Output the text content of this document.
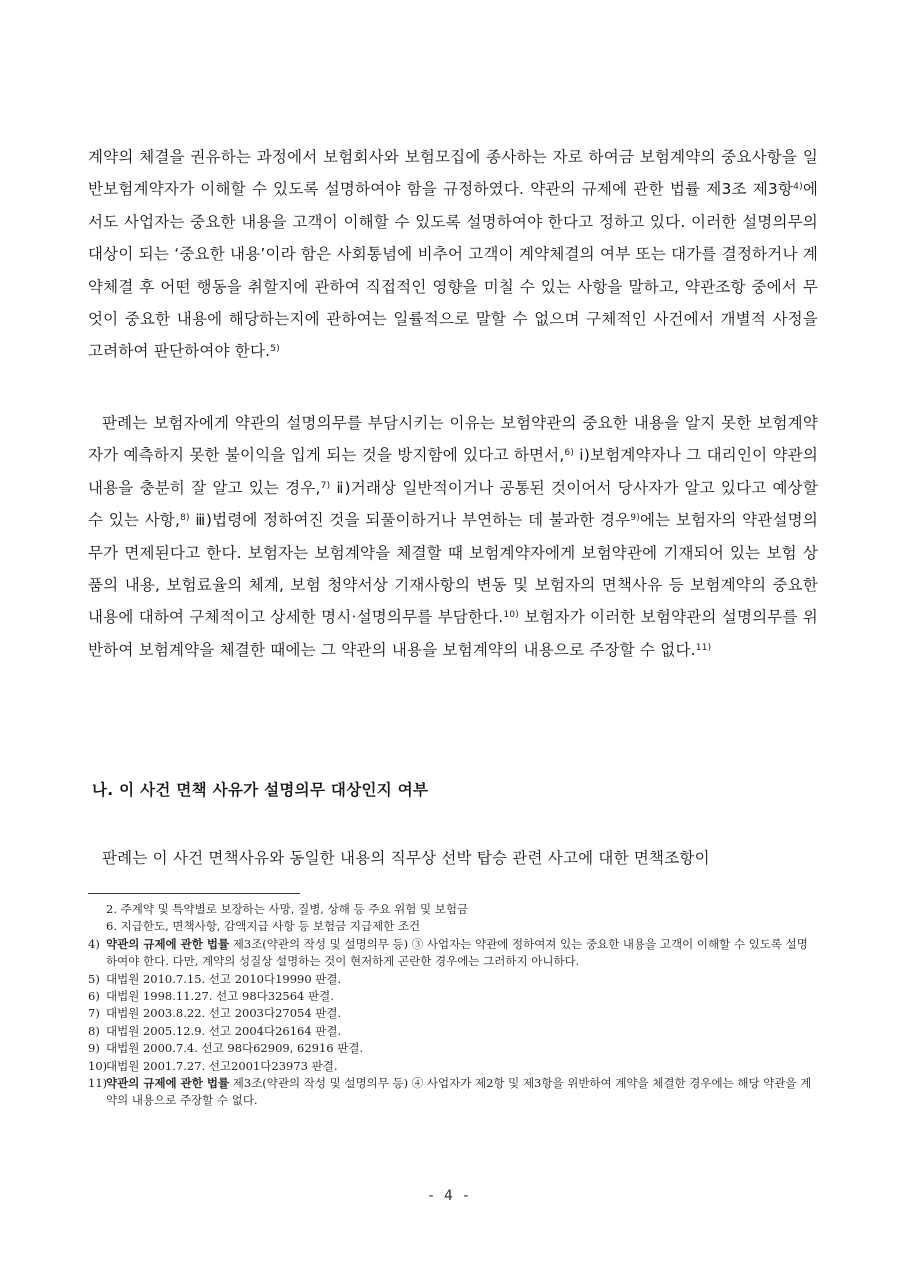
계약의 체결을 권유하는 과정에서 보험회사와 보험모집에 종사하는 자로 하여금 보험계약의 중요사항을 일반보험계약자가 이해할 수 있도록 설명하여야 함을 규정하였다. 약관의 규제에 관한 법률 제3조 제3항$^{4)}$에서도 사업자는 중요한 내용을 고객이 이해할 수 있도록 설명하여야 한다고 정하고 있다. 이러한 설명의무의 대상이 되는 ‘중요한 내용’이라 함은 사회통념에 비추어 고객이 계약체결의 여부 또는 대가를 결정하거나 계약체결 후 어떤 행동을 취할지에 관하여 직접적인 영향을 미칠 수 있는 사항을 말하고, 약관조항 중에서 무엇이 중요한 내용에 해당하는지에 관하여는 일률적으로 말할 수 없으며 구체적인 사건에서 개별적 사정을 고려하여 판단하여야 한다.$^{5)}$

판례는 보험자에게 약관의 설명의무를 부담시키는 이유는 보험약관의 중요한 내용을 알지 못한 보험계약자가 예측하지 못한 불이익을 입게 되는 것을 방지함에 있다고 하면서,$^{6)}$ ⅰ)보험계약자나 그 대리인이 약관의 내용을 충분히 잘 알고 있는 경우,$^{7)}$ ⅱ)거래상 일반적이거나 공통된 것이어서 당사자가 알고 있다고 예상할 수 있는 사항,$^{8)}$ ⅲ)법령에 정하여진 것을 되풀이하거나 부연하는 데 불과한 경우$^{9)}$에는 보험자의 약관설명의무가 면제된다고 한다. 보험자는 보험계약을 체결할 때 보험계약자에게 보험약관에 기재되어 있는 보험 상품의 내용, 보험료율의 체계, 보험 청약서상 기재사항의 변동 및 보험자의 면책사유 등 보험계약의 중요한 내용에 대하여 구체적이고 상세한 명시·설명의무를 부담한다.$^{10)}$ 보험자가 이러한 보험약관의 설명의무를 위반하여 보험계약을 체결한 때에는 그 약관의 내용을 보험계약의 내용으로 주장할 수 없다.$^{11)}$

나. 이 사건 면책 사유가 설명의무 대상인지 여부

판례는 이 사건 면책사유와 동일한 내용의 직무상 선박 탑승 관련 사고에 대한 면책조항이

2. 주계약 및 특약별로 보장하는 사망, 질병, 상해 등 주요 위험 및 보험금
6. 지급한도, 면책사항, 감액지급 사항 등 보험금 지급제한 조건
4) 약관의 규제에 관한 법률 제3조(약관의 작성 및 설명의무 등) ③ 사업자는 약관에 정하여져 있는 중요한 내용을 고객이 이해할 수 있도록 설명하여야 한다. 다만, 계약의 성질상 설명하는 것이 현저하게 곤란한 경우에는 그러하지 아니하다.
5) 대법원 2010.7.15. 선고 2010다19990 판결.
6) 대법원 1998.11.27. 선고 98다32564 판결.
7) 대법원 2003.8.22. 선고 2003다27054 판결.
8) 대법원 2005.12.9. 선고 2004다26164 판결.
9) 대법원 2000.7.4. 선고 98다62909, 62916 판결.
10)
대법원 2001.7.27. 선고2001다23973 판결.
11)
약관의 규제에 관한 법률 제3조(약관의 작성 및 설명의무 등) ④ 사업자가 제2항 및 제3항을 위반하여 계약을 체결한 경우에는 해당 약관을 계약의 내용으로 주장할 수 없다.
- 4 -
